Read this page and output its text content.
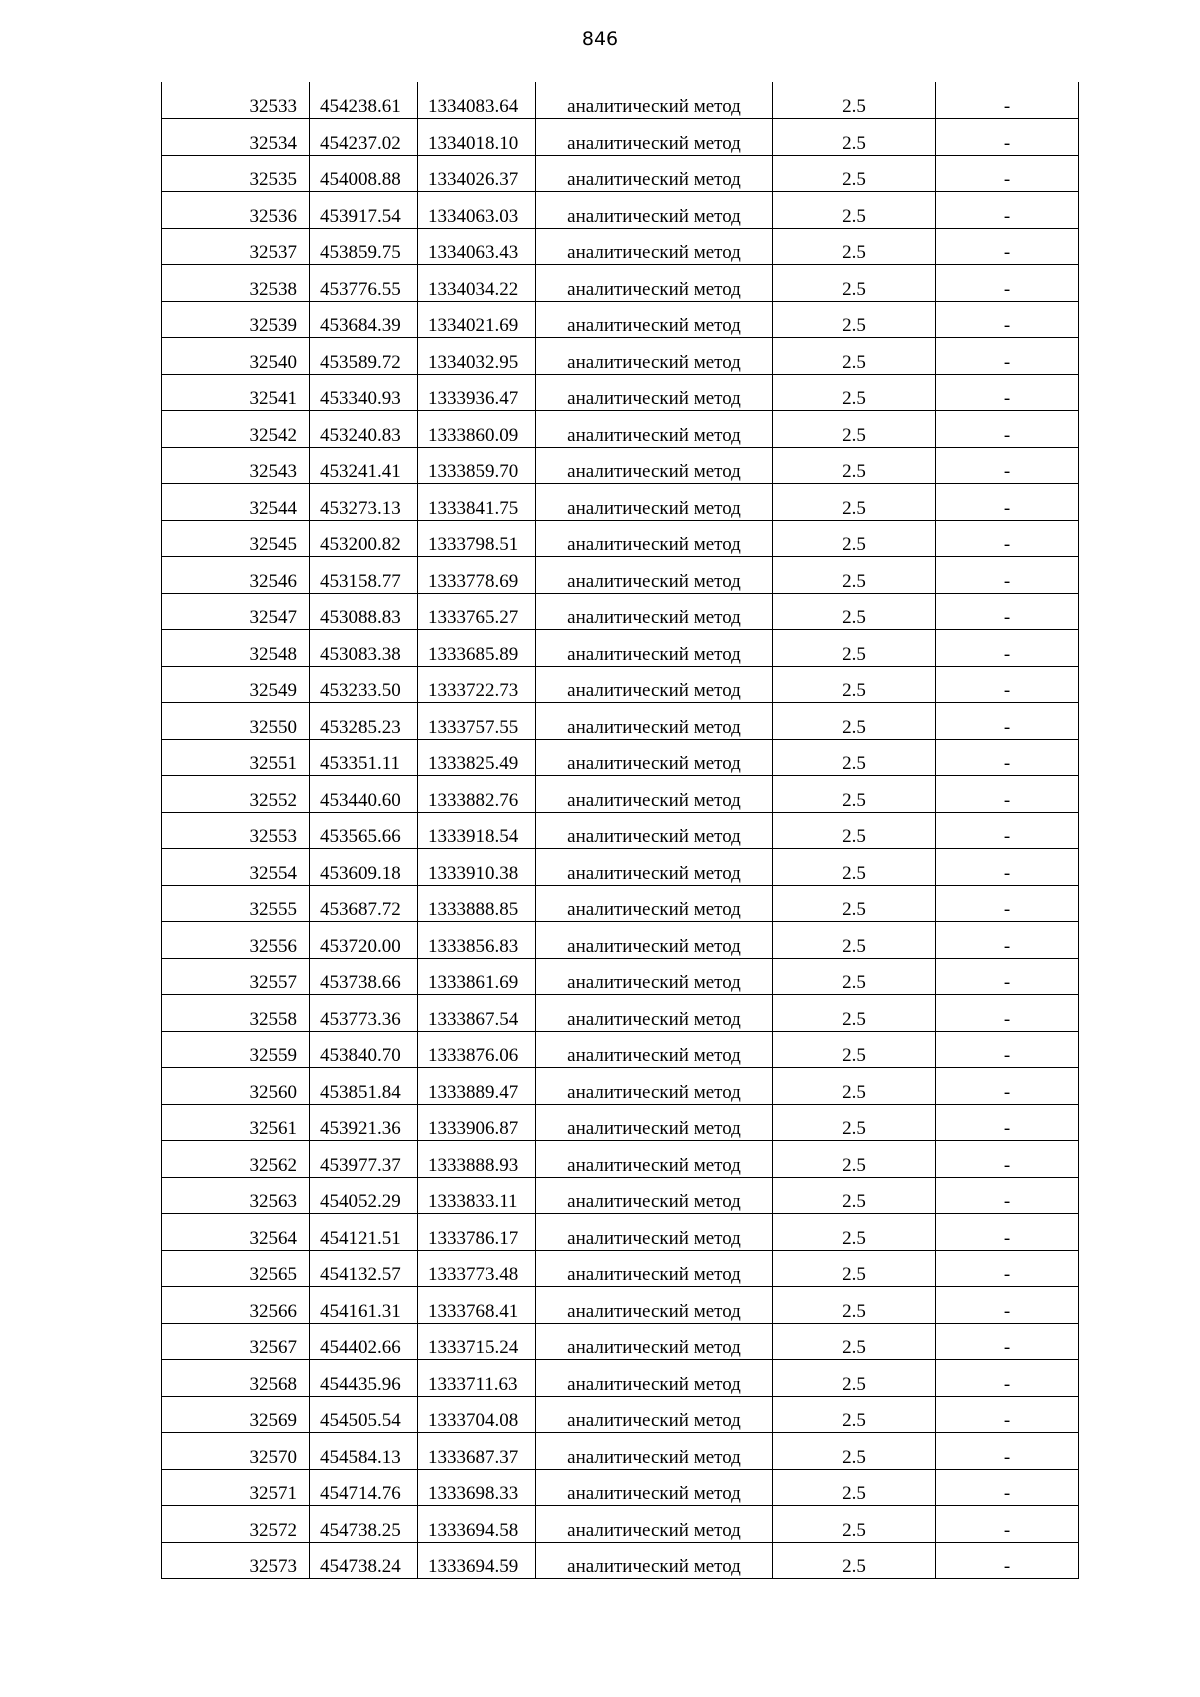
846
32533	454238.61	1334083.64	аналитический метод	2.5	-
32534	454237.02	1334018.10	аналитический метод	2.5	-
32535	454008.88	1334026.37	аналитический метод	2.5	-
32536	453917.54	1334063.03	аналитический метод	2.5	-
32537	453859.75	1334063.43	аналитический метод	2.5	-
32538	453776.55	1334034.22	аналитический метод	2.5	-
32539	453684.39	1334021.69	аналитический метод	2.5	-
32540	453589.72	1334032.95	аналитический метод	2.5	-
32541	453340.93	1333936.47	аналитический метод	2.5	-
32542	453240.83	1333860.09	аналитический метод	2.5	-
32543	453241.41	1333859.70	аналитический метод	2.5	-
32544	453273.13	1333841.75	аналитический метод	2.5	-
32545	453200.82	1333798.51	аналитический метод	2.5	-
32546	453158.77	1333778.69	аналитический метод	2.5	-
32547	453088.83	1333765.27	аналитический метод	2.5	-
32548	453083.38	1333685.89	аналитический метод	2.5	-
32549	453233.50	1333722.73	аналитический метод	2.5	-
32550	453285.23	1333757.55	аналитический метод	2.5	-
32551	453351.11	1333825.49	аналитический метод	2.5	-
32552	453440.60	1333882.76	аналитический метод	2.5	-
32553	453565.66	1333918.54	аналитический метод	2.5	-
32554	453609.18	1333910.38	аналитический метод	2.5	-
32555	453687.72	1333888.85	аналитический метод	2.5	-
32556	453720.00	1333856.83	аналитический метод	2.5	-
32557	453738.66	1333861.69	аналитический метод	2.5	-
32558	453773.36	1333867.54	аналитический метод	2.5	-
32559	453840.70	1333876.06	аналитический метод	2.5	-
32560	453851.84	1333889.47	аналитический метод	2.5	-
32561	453921.36	1333906.87	аналитический метод	2.5	-
32562	453977.37	1333888.93	аналитический метод	2.5	-
32563	454052.29	1333833.11	аналитический метод	2.5	-
32564	454121.51	1333786.17	аналитический метод	2.5	-
32565	454132.57	1333773.48	аналитический метод	2.5	-
32566	454161.31	1333768.41	аналитический метод	2.5	-
32567	454402.66	1333715.24	аналитический метод	2.5	-
32568	454435.96	1333711.63	аналитический метод	2.5	-
32569	454505.54	1333704.08	аналитический метод	2.5	-
32570	454584.13	1333687.37	аналитический метод	2.5	-
32571	454714.76	1333698.33	аналитический метод	2.5	-
32572	454738.25	1333694.58	аналитический метод	2.5	-
32573	454738.24	1333694.59	аналитический метод	2.5	-
